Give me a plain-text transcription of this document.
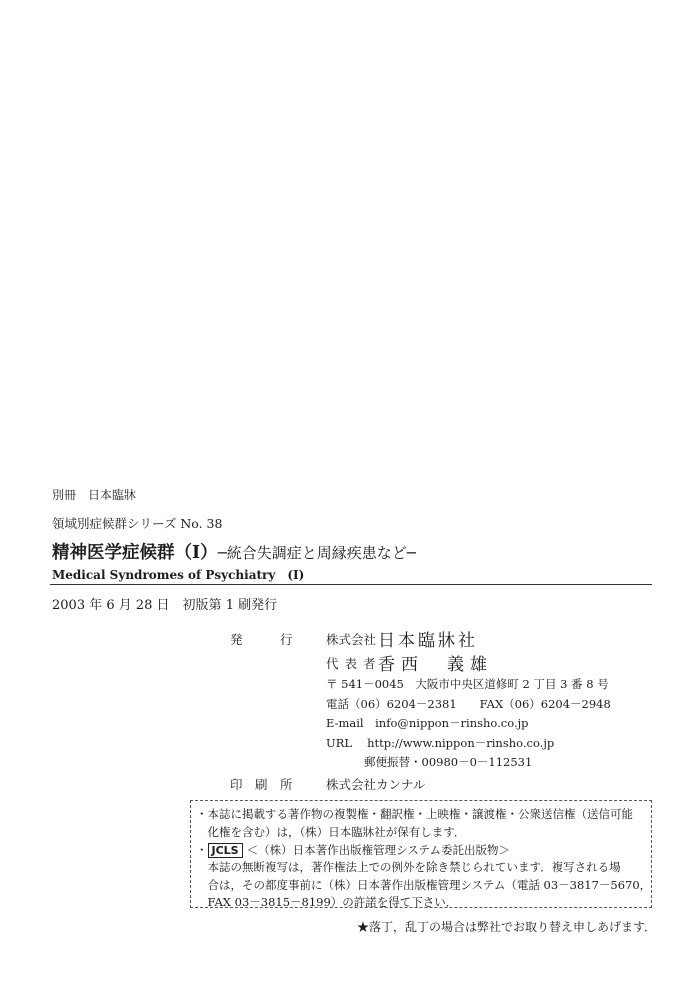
別冊　日本臨牀
領域別症候群シリーズ No. 38
精神医学症候群（Ⅰ）─統合失調症と周縁疾患など─
Medical Syndromes of Psychiatry　(Ⅰ)
2003 年 6 月 28 日　初版第 1 刷発行
発　　　行	株式会社 日本臨牀社
代 表 者 香西　義雄
〒 541－0045　大阪市中央区道修町 2 丁目 3 番 8 号
電話（06）6204－2381　　FAX（06）6204－2948
E-mail　info@nippon－rinsho.co.jp
URL　 http://www.nippon－rinsho.co.jp
郵便振替・00980－0－112531
印　刷　所	株式会社カンナル
・本誌に掲載する著作物の複製権・翻訳権・上映権・譲渡権・公衆送信権（送信可能
　化権を含む）は，（株）日本臨牀社が保有します．
・ JCLS ＜（株）日本著作出版権管理システム委託出版物＞
　本誌の無断複写は，著作権法上での例外を除き禁じられています．複写される場
　合は，その都度事前に（株）日本著作出版権管理システム（電話 03－3817－5670，
　FAX 03－3815－8199）の許諾を得て下さい．
★落丁，乱丁の場合は弊社でお取り替え申しあげます．
